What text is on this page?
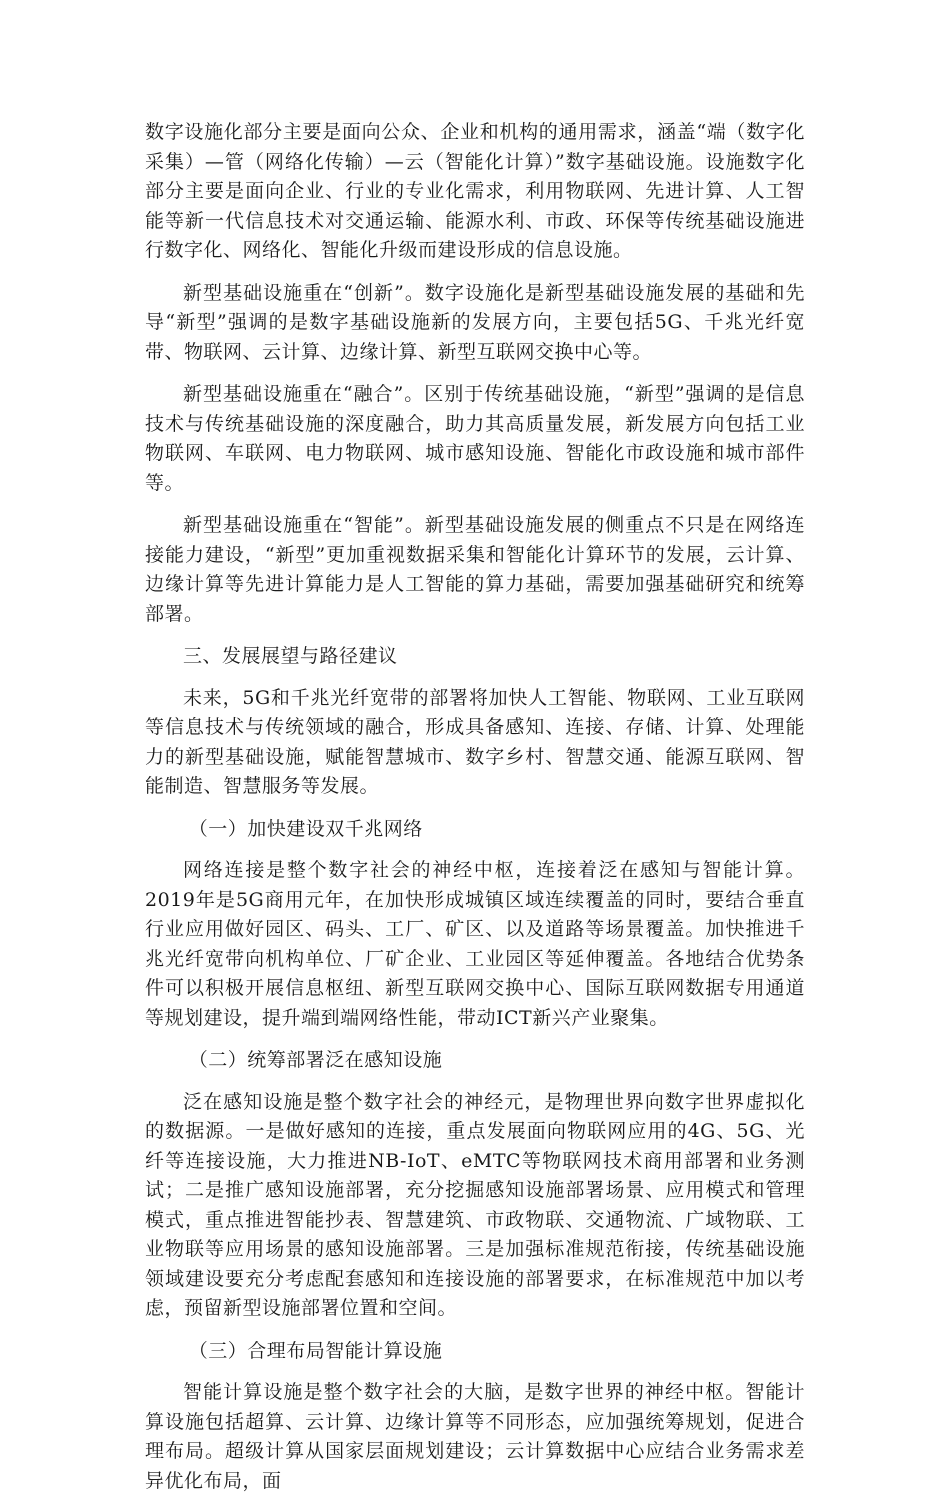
数字设施化部分主要是面向公众、企业和机构的通用需求，涵盖“端（数字化采集）—管（网络化传输）—云（智能化计算）”数字基础设施。设施数字化部分主要是面向企业、行业的专业化需求，利用物联网、先进计算、人工智能等新一代信息技术对交通运输、能源水利、市政、环保等传统基础设施进行数字化、网络化、智能化升级而建设形成的信息设施。

新型基础设施重在“创新”。数字设施化是新型基础设施发展的基础和先导“新型”强调的是数字基础设施新的发展方向，主要包括5G、千兆光纤宽带、物联网、云计算、边缘计算、新型互联网交换中心等。

新型基础设施重在“融合”。区别于传统基础设施，“新型”强调的是信息技术与传统基础设施的深度融合，助力其高质量发展，新发展方向包括工业物联网、车联网、电力物联网、城市感知设施、智能化市政设施和城市部件等。

新型基础设施重在“智能”。新型基础设施发展的侧重点不只是在网络连接能力建设，“新型”更加重视数据采集和智能化计算环节的发展，云计算、边缘计算等先进计算能力是人工智能的算力基础，需要加强基础研究和统筹部署。

三、发展展望与路径建议

未来，5G和千兆光纤宽带的部署将加快人工智能、物联网、工业互联网等信息技术与传统领域的融合，形成具备感知、连接、存储、计算、处理能力的新型基础设施，赋能智慧城市、数字乡村、智慧交通、能源互联网、智能制造、智慧服务等发展。

（一）加快建设双千兆网络

网络连接是整个数字社会的神经中枢，连接着泛在感知与智能计算。2019年是5G商用元年，在加快形成城镇区域连续覆盖的同时，要结合垂直行业应用做好园区、码头、工厂、矿区、以及道路等场景覆盖。加快推进千兆光纤宽带向机构单位、厂矿企业、工业园区等延伸覆盖。各地结合优势条件可以积极开展信息枢纽、新型互联网交换中心、国际互联网数据专用通道等规划建设，提升端到端网络性能，带动ICT新兴产业聚集。

（二）统筹部署泛在感知设施

泛在感知设施是整个数字社会的神经元，是物理世界向数字世界虚拟化的数据源。一是做好感知的连接，重点发展面向物联网应用的4G、5G、光纤等连接设施，大力推进NB-IoT、eMTC等物联网技术商用部署和业务测试；二是推广感知设施部署，充分挖掘感知设施部署场景、应用模式和管理模式，重点推进智能抄表、智慧建筑、市政物联、交通物流、广域物联、工业物联等应用场景的感知设施部署。三是加强标准规范衔接，传统基础设施领域建设要充分考虑配套感知和连接设施的部署要求，在标准规范中加以考虑，预留新型设施部署位置和空间。

（三）合理布局智能计算设施

智能计算设施是整个数字社会的大脑，是数字世界的神经中枢。智能计算设施包括超算、云计算、边缘计算等不同形态，应加强统筹规划，促进合理布局。超级计算从国家层面规划建设；云计算数据中心应结合业务需求差异优化布局，面
